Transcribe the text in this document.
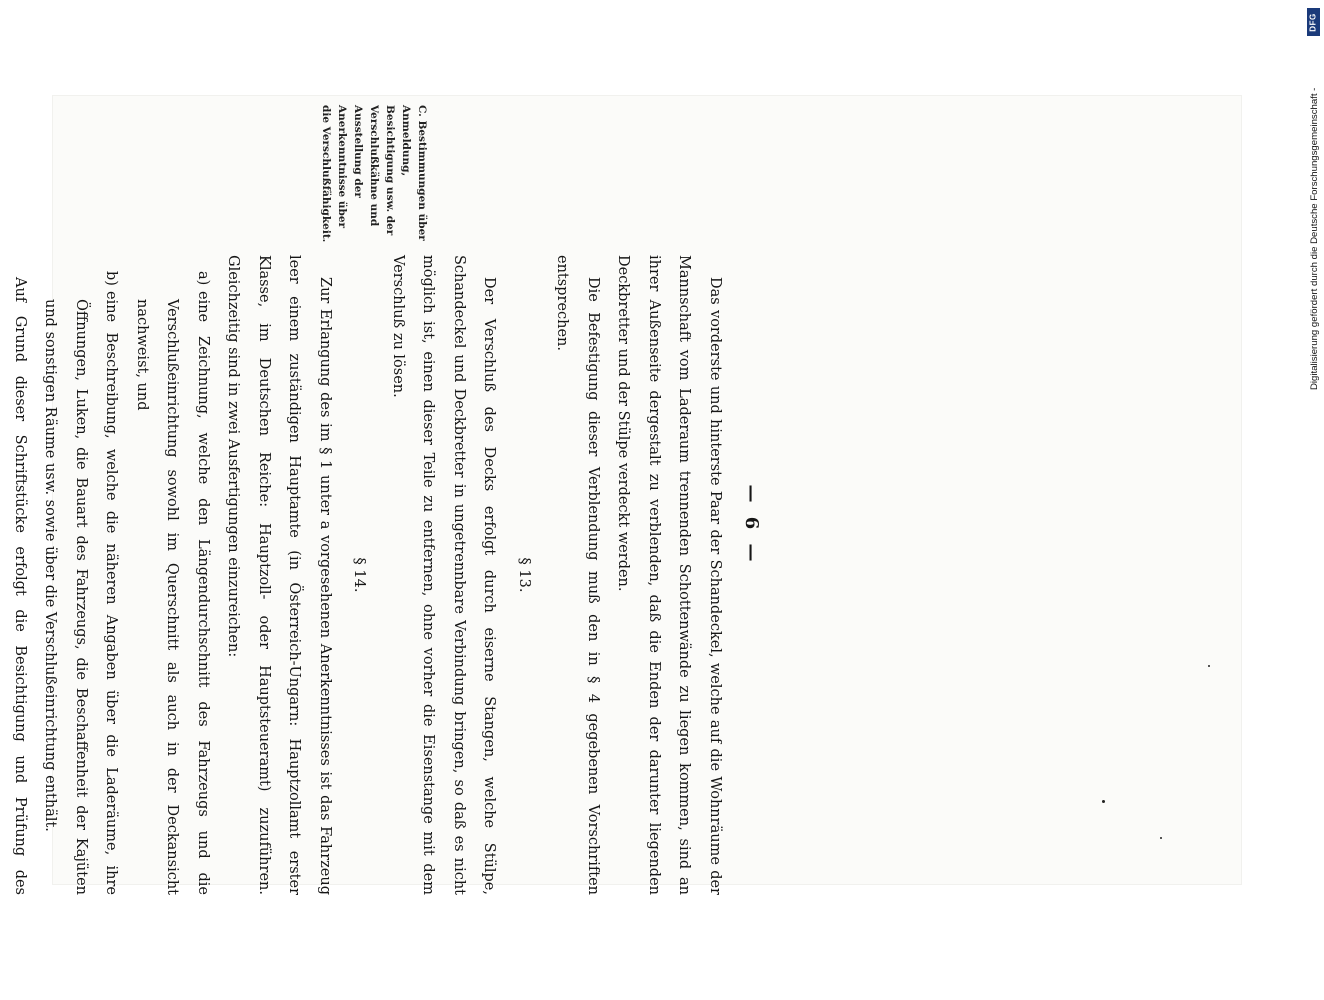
— 6 —
C. Bestimmungen über Anmeldung, Besichtigung usw. der Verschlußkähne und Ausstellung der Anerkenntnisse über die Verschlußfähigkeit.

Das vorderste und hinterste Paar der Schandeckel, welche auf die Wohnräume der Mannschaft vom Laderaum trennenden Schottenwände zu liegen kommen, sind an ihrer Außenseite dergestalt zu verblenden, daß die Enden der darunter liegenden Deckbretter und der Stülpe verdeckt werden.

Die Befestigung dieser Verblendung muß den in § 4 gegebenen Vorschriften entsprechen.

§ 13.

Der Verschluß des Decks erfolgt durch eiserne Stangen, welche Stülpe, Schandeckel und Deckbretter in ungetrennbare Verbindung bringen, so daß es nicht möglich ist, einen dieser Teile zu entfernen, ohne vorher die Eisenstange mit dem Verschluß zu lösen.

§ 14.

Zur Erlangung des im § 1 unter a vorgesehenen Anerkenntnisses ist das Fahrzeug leer einem zuständigen Hauptamte (in Österreich-Ungarn: Hauptzollamt erster Klasse, im Deutschen Reiche: Hauptzoll- oder Hauptsteueramt) zuzuführen. Gleichzeitig sind in zwei Ausfertigungen einzureichen:

a)eine Zeichnung, welche den Längendurchschnitt des Fahrzeugs und die Verschlußeinrichtung sowohl im Querschnitt als auch in der Deckansicht nachweist, und

b)eine Beschreibung, welche die näheren Angaben über die Laderäume, ihre Öffnungen, Luken, die Bauart des Fahrzeugs, die Beschaffenheit der Kajüten und sonstigen Räume usw. sowie über die Verschlußeinrichtung enthält.

Auf Grund dieser Schriftstücke erfolgt die Besichtigung und Prüfung des

DFG
Digitalisierung gefördert durch die Deutsche Forschungsgemeinschaft -
